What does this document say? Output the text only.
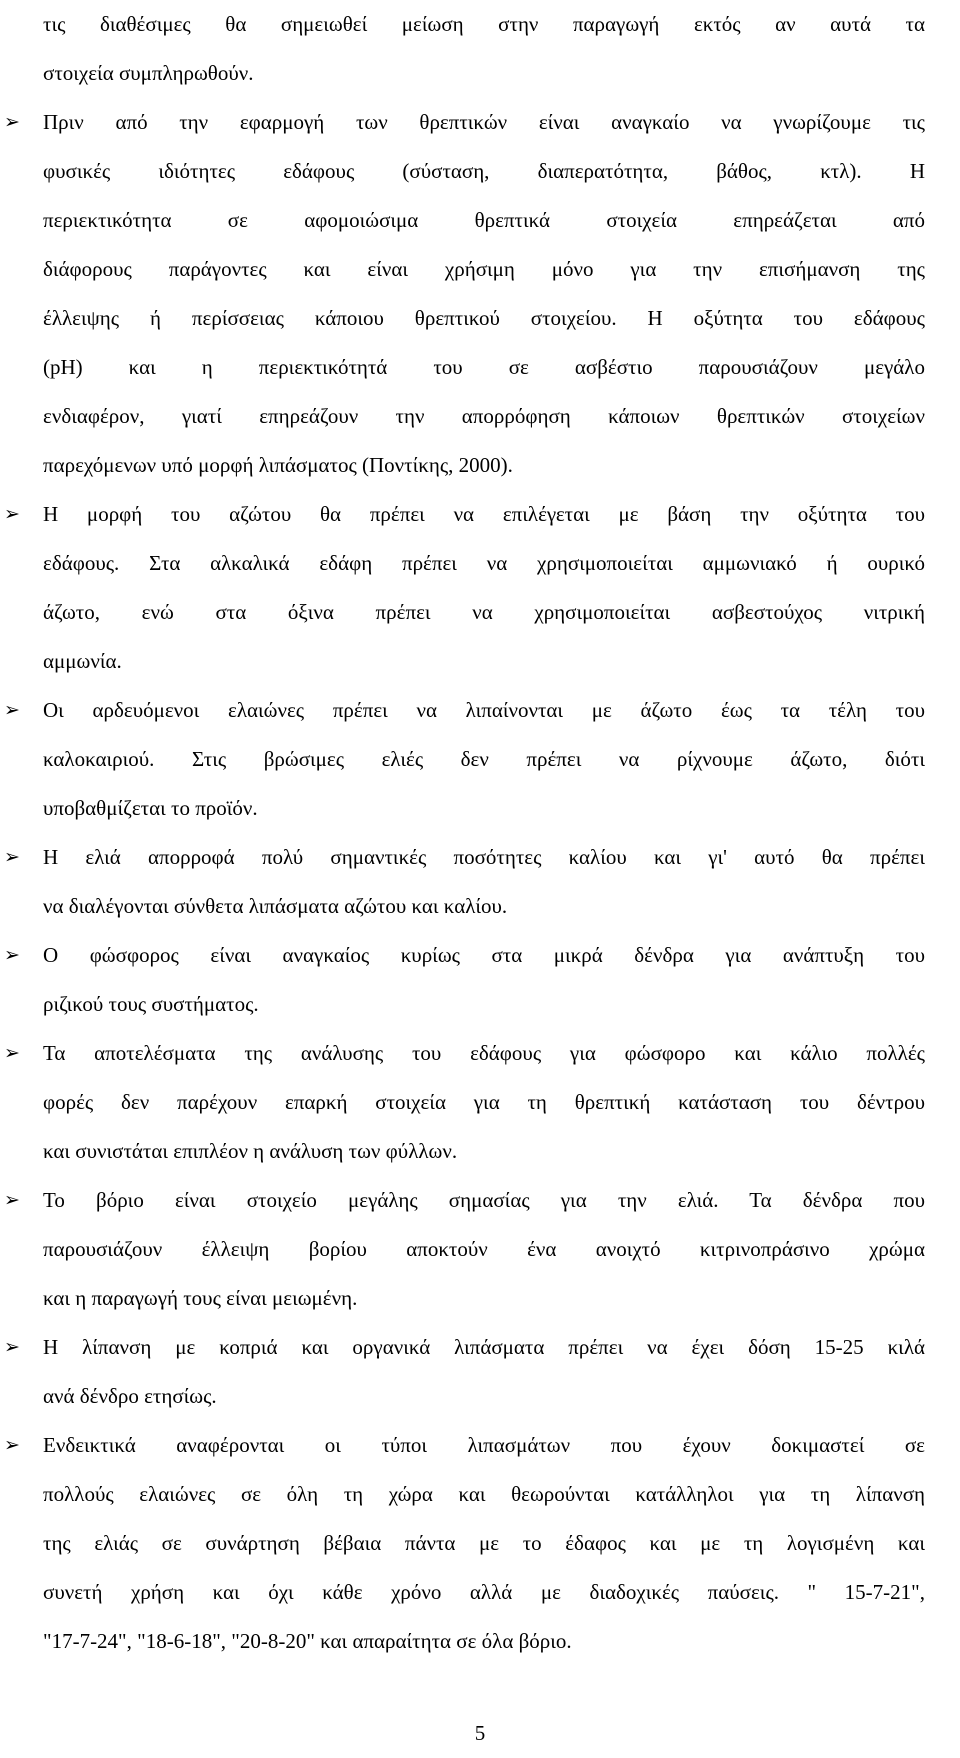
τις διαθέσιμες θα σημειωθεί μείωση στην παραγωγή εκτός αν αυτά τα
στοιχεία συμπληρωθούν.
➢ Πριν από την εφαρμογή των θρεπτικών είναι αναγκαίο να γνωρίζουμε τις
φυσικές ιδιότητες εδάφους (σύσταση, διαπερατότητα, βάθος, κτλ). Η
περιεκτικότητα σε αφομοιώσιμα θρεπτικά στοιχεία επηρεάζεται από
διάφορους παράγοντες και είναι χρήσιμη μόνο για την επισήμανση της
έλλειψης ή περίσσειας κάποιου θρεπτικού στοιχείου. Η οξύτητα του εδάφους
(pH) και η περιεκτικότητά του σε ασβέστιο παρουσιάζουν μεγάλο
ενδιαφέρον, γιατί επηρεάζουν την απορρόφηση κάποιων θρεπτικών στοιχείων
παρεχόμενων υπό μορφή λιπάσματος (Ποντίκης, 2000).
➢ Η μορφή του αζώτου θα πρέπει να επιλέγεται με βάση την οξύτητα του
εδάφους. Στα αλκαλικά εδάφη πρέπει να χρησιμοποιείται αμμωνιακό ή ουρικό
άζωτο, ενώ στα όξινα πρέπει να χρησιμοποιείται ασβεστούχος νιτρική
αμμωνία.
➢ Οι αρδευόμενοι ελαιώνες πρέπει να λιπαίνονται με άζωτο έως τα τέλη του
καλοκαιριού. Στις βρώσιμες ελιές δεν πρέπει να ρίχνουμε άζωτο, διότι
υποβαθμίζεται το προϊόν.
➢ Η ελιά απορροφά πολύ σημαντικές ποσότητες καλίου και γι' αυτό θα πρέπει
να διαλέγονται σύνθετα λιπάσματα αζώτου και καλίου.
➢ Ο φώσφορος είναι αναγκαίος κυρίως στα μικρά δένδρα για ανάπτυξη του
ριζικού τους συστήματος.
➢ Τα αποτελέσματα της ανάλυσης του εδάφους για φώσφορο και κάλιο πολλές
φορές δεν παρέχουν επαρκή στοιχεία για τη θρεπτική κατάσταση του δέντρου
και συνιστάται επιπλέον η ανάλυση των φύλλων.
➢ Το βόριο είναι στοιχείο μεγάλης σημασίας για την ελιά. Τα δένδρα που
παρουσιάζουν έλλειψη βορίου αποκτούν ένα ανοιχτό κιτρινοπράσινο χρώμα
και η παραγωγή τους είναι μειωμένη.
➢ Η λίπανση με κοπριά και οργανικά λιπάσματα πρέπει να έχει δόση 15-25 κιλά
ανά δένδρο ετησίως.
➢ Ενδεικτικά αναφέρονται οι τύποι λιπασμάτων που έχουν δοκιμαστεί σε
πολλούς ελαιώνες σε όλη τη χώρα και θεωρούνται κατάλληλοι για τη λίπανση
της ελιάς σε συνάρτηση βέβαια πάντα με το έδαφος και με τη λογισμένη και
συνετή χρήση και όχι κάθε χρόνο αλλά με διαδοχικές παύσεις. " 15-7-21",
"17-7-24", "18-6-18", "20-8-20" και απαραίτητα σε όλα βόριο.
5
